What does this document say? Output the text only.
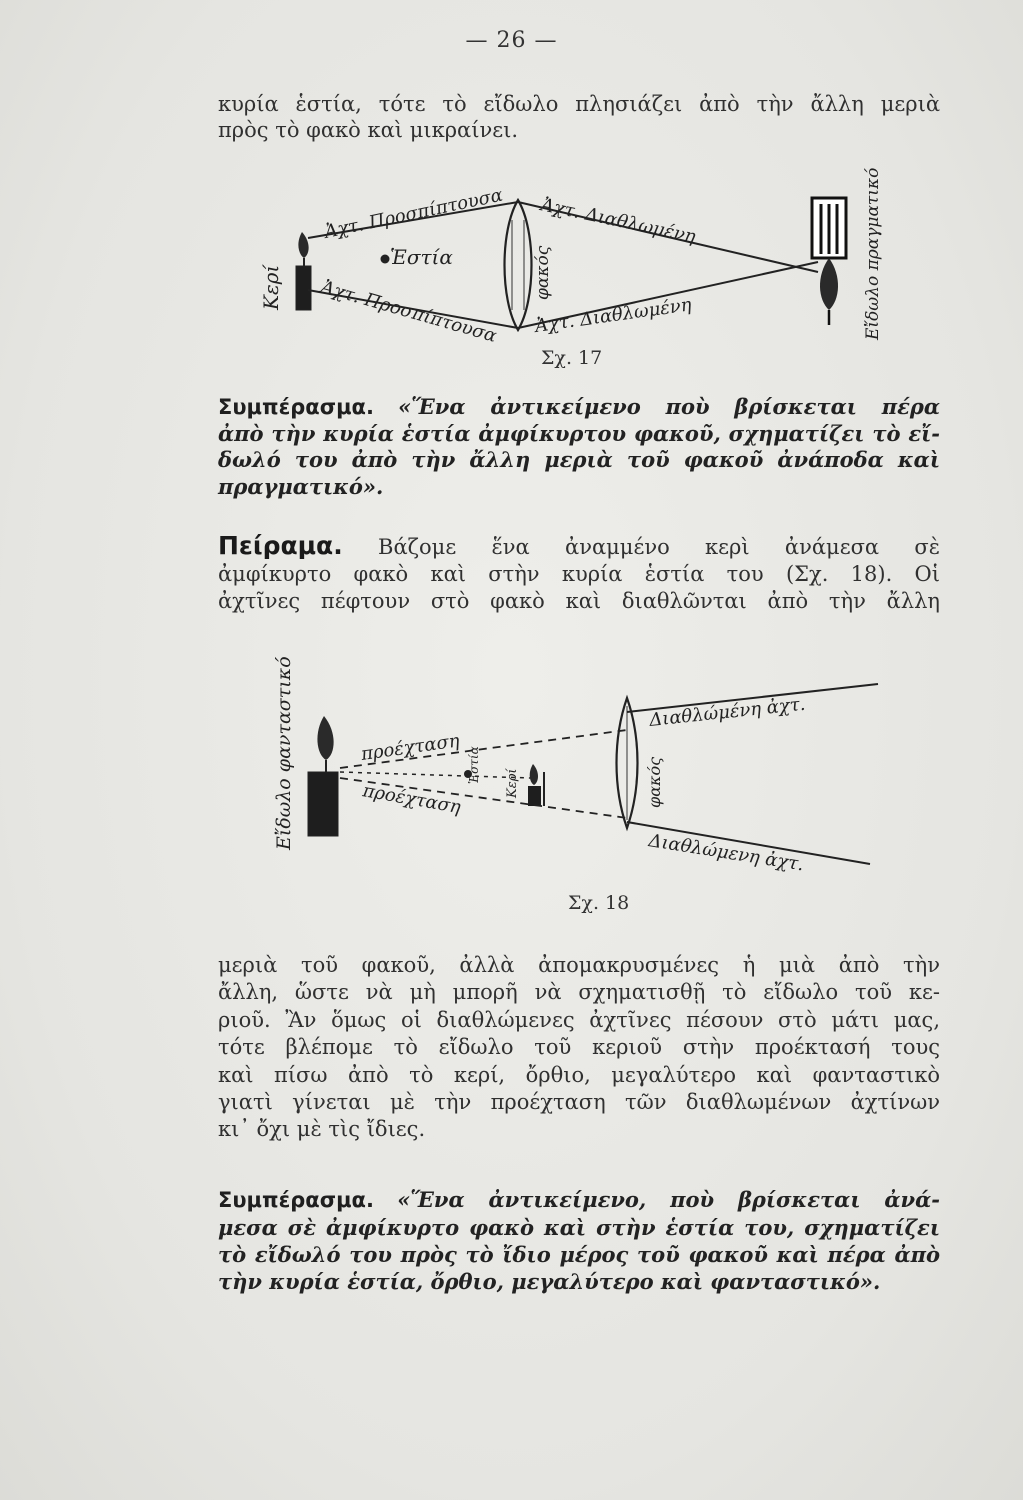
— 26 —
κυρία ἑστία, τότε τὸ εἴδωλο πλησιάζει ἀπὸ τὴν ἄλλη μεριὰ
πρὸς τὸ φακὸ καὶ μικραίνει.
Κερί
Ἑστία	φακός
Ἀχτ. Προσπίπτουσα
Ἀχτ. Προσπίπτουσα
Ἀχτ. Διαθλωμένη
Ἀχτ. Διαθλωμένη	Εἴδωλο πραγματικό
Σχ. 17
Συμπέρασμα. «Ἕνα ἀντικείμενο ποὺ βρίσκεται πέρα
ἀπὸ τὴν κυρία ἑστία ἀμφίκυρτου φακοῦ, σχηματίζει τὸ εἴ-
δωλό του ἀπὸ τὴν ἄλλη μεριὰ τοῦ φακοῦ ἀνάποδα καὶ
πραγματικό».
Πείραμα. Βάζομε ἕνα ἀναμμένο κερὶ ἀνάμεσα σὲ
ἀμφίκυρτο φακὸ καὶ στὴν κυρία ἑστία του (Σχ. 18). Οἱ
ἀχτῖνες πέφτουν στὸ φακὸ καὶ διαθλῶνται ἀπὸ τὴν ἄλλη
Εἴδωλο φανταστικό	προέχταση
προέχταση
Ἑστία Κερί	φακός
Διαθλώμένη ἀχτ.
Διαθλώμενη ἀχτ.
Σχ. 18
μεριὰ τοῦ φακοῦ, ἀλλὰ ἀπομακρυσμένες ἡ μιὰ ἀπὸ τὴν
ἄλλη, ὥστε νὰ μὴ μπορῆ νὰ σχηματισθῇ τὸ εἴδωλο τοῦ κε-
ριοῦ. Ἂν ὅμως οἱ διαθλώμενες ἀχτῖνες πέσουν στὸ μάτι μας,
τότε βλέπομε τὸ εἴδωλο τοῦ κεριοῦ στὴν προέκτασή τους
καὶ πίσω ἀπὸ τὸ κερί, ὄρθιο, μεγαλύτερο καὶ φανταστικὸ
γιατὶ γίνεται μὲ τὴν προέχταση τῶν διαθλωμένων ἀχτίνων
κι᾿ ὄχι μὲ τὶς ἴδιες.
Συμπέρασμα. «Ἕνα ἀντικείμενο, ποὺ βρίσκεται ἀνά-
μεσα σὲ ἀμφίκυρτο φακὸ καὶ στὴν ἑστία του, σχηματίζει
τὸ εἴδωλό του πρὸς τὸ ἴδιο μέρος τοῦ φακοῦ καὶ πέρα ἀπὸ
τὴν κυρία ἑστία, ὄρθιο, μεγαλύτερο καὶ φανταστικό».
